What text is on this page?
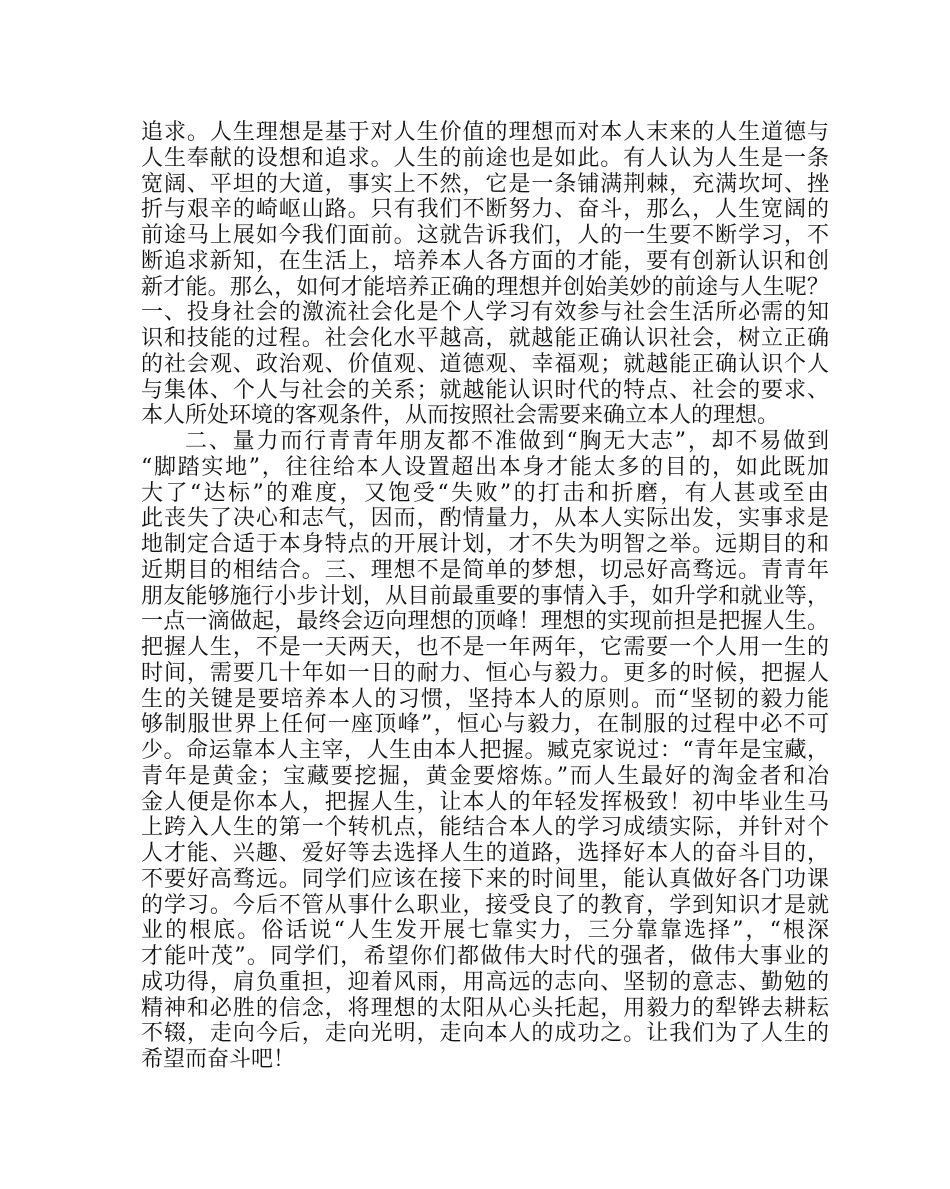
追求。人生理想是基于对人生价值的理想而对本人末来的人生道德与
人生奉献的设想和追求。人生的前途也是如此。有人认为人生是一条
宽阔、平坦的大道，事实上不然，它是一条铺满荆棘，充满坎坷、挫
折与艰辛的崎岖山路。只有我们不断努力、奋斗，那么，人生宽阔的
前途马上展如今我们面前。这就告诉我们，人的一生要不断学习，不
断追求新知，在生活上，培养本人各方面的才能，要有创新认识和创
新才能。那么，如何才能培养正确的理想并创始美妙的前途与人生呢？
一、投身社会的激流社会化是个人学习有效参与社会生活所必需的知
识和技能的过程。社会化水平越高，就越能正确认识社会，树立正确
的社会观、政治观、价值观、道德观、幸福观；就越能正确认识个人
与集体、个人与社会的关系；就越能认识时代的特点、社会的要求、
本人所处环境的客观条件，从而按照社会需要来确立本人的理想。
二、量力而行青青年朋友都不准做到“胸无大志”，却不易做到
“脚踏实地”，往往给本人设置超出本身才能太多的目的，如此既加
大了“达标”的难度，又饱受“失败”的打击和折磨，有人甚或至由
此丧失了决心和志气，因而，酌情量力，从本人实际出发，实事求是
地制定合适于本身特点的开展计划，才不失为明智之举。远期目的和
近期目的相结合。三、理想不是简单的梦想，切忌好高骛远。青青年
朋友能够施行小步计划，从目前最重要的事情入手，如升学和就业等，
一点一滴做起，最终会迈向理想的顶峰！理想的实现前担是把握人生。
把握人生，不是一天两天，也不是一年两年，它需要一个人用一生的
时间，需要几十年如一日的耐力、恒心与毅力。更多的时候，把握人
生的关键是要培养本人的习惯，坚持本人的原则。而“坚韧的毅力能
够制服世界上任何一座顶峰”，恒心与毅力，在制服的过程中必不可
少。命运靠本人主宰，人生由本人把握。臧克家说过：“青年是宝藏，
青年是黄金；宝藏要挖掘，黄金要熔炼。”而人生最好的淘金者和冶
金人便是你本人，把握人生，让本人的年轻发挥极致！初中毕业生马
上跨入人生的第一个转机点，能结合本人的学习成绩实际，并针对个
人才能、兴趣、爱好等去选择人生的道路，选择好本人的奋斗目的，
不要好高骛远。同学们应该在接下来的时间里，能认真做好各门功课
的学习。今后不管从事什么职业，接受良了的教育，学到知识才是就
业的根底。俗话说“人生发开展七靠实力，三分靠靠选择”，“根深
才能叶茂”。同学们，希望你们都做伟大时代的强者，做伟大事业的
成功得，肩负重担，迎着风雨，用高远的志向、坚韧的意志、勤勉的
精神和必胜的信念，将理想的太阳从心头托起，用毅力的犁铧去耕耘
不辍，走向今后，走向光明，走向本人的成功之。让我们为了人生的
希望而奋斗吧！
